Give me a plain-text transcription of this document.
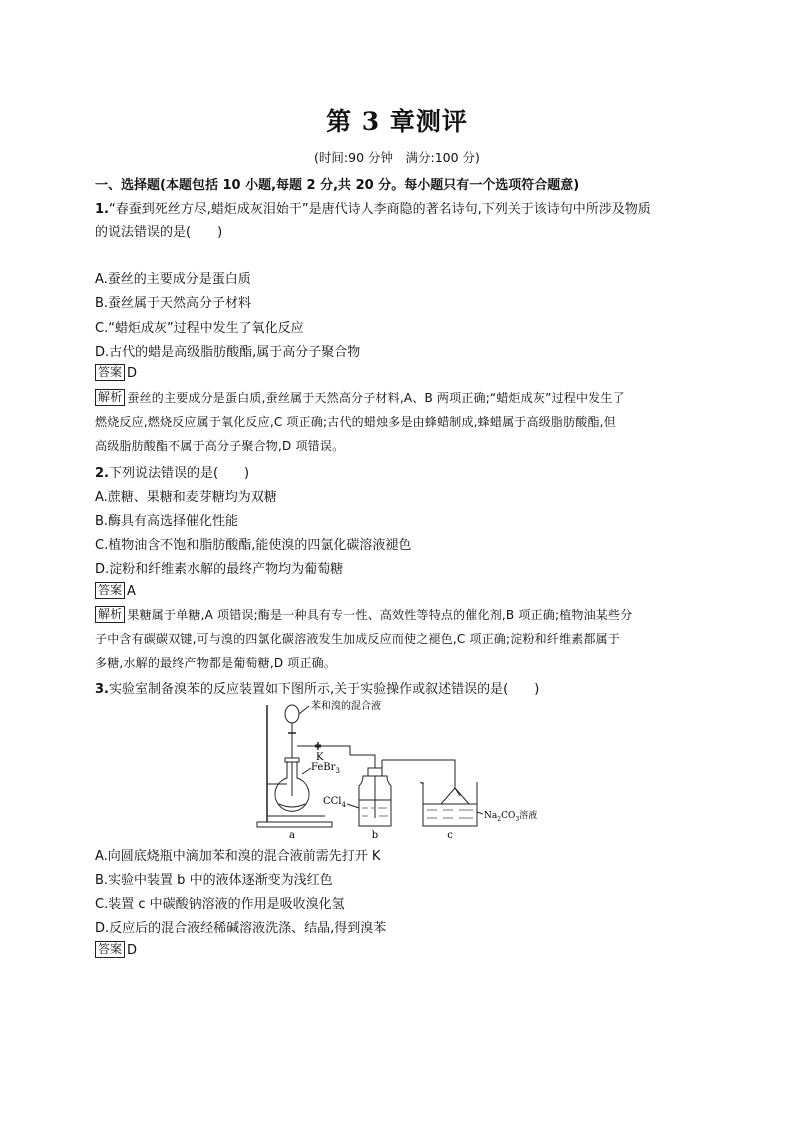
第 3 章测评
(时间:90 分钟　满分:100 分)
一、选择题(本题包括 10 小题,每题 2 分,共 20 分。每小题只有一个选项符合题意)
1.“春蚕到死丝方尽,蜡炬成灰泪始干”是唐代诗人李商隐的著名诗句,下列关于该诗句中所涉及物质
的说法错误的是(　　)
A.蚕丝的主要成分是蛋白质
B.蚕丝属于天然高分子材料
C.“蜡炬成灰”过程中发生了氧化反应
D.古代的蜡是高级脂肪酸酯,属于高分子聚合物
答案 D
解析 蚕丝的主要成分是蛋白质,蚕丝属于天然高分子材料,A、B 两项正确;“蜡炬成灰”过程中发生了
燃烧反应,燃烧反应属于氧化反应,C 项正确;古代的蜡烛多是由蜂蜡制成,蜂蜡属于高级脂肪酸酯,但
高级脂肪酸酯不属于高分子聚合物,D 项错误。
2.下列说法错误的是(　　)
A.蔗糖、果糖和麦芽糖均为双糖
B.酶具有高选择催化性能
C.植物油含不饱和脂肪酸酯,能使溴的四氯化碳溶液褪色
D.淀粉和纤维素水解的最终产物均为葡萄糖
答案 A
解析 果糖属于单糖,A 项错误;酶是一种具有专一性、高效性等特点的催化剂,B 项正确;植物油某些分
子中含有碳碳双键,可与溴的四氯化碳溶液发生加成反应而使之褪色,C 项正确;淀粉和纤维素都属于
多糖,水解的最终产物都是葡萄糖,D 项正确。
3.实验室制备溴苯的反应装置如下图所示,关于实验操作或叙述错误的是(　　)
苯和溴的混合液
K
FeBr$_3$
CCl$_4$
$Na_2CO_3$溶液
a	b	c
A.向圆底烧瓶中滴加苯和溴的混合液前需先打开 K
B.实验中装置 b 中的液体逐渐变为浅红色
C.装置 c 中碳酸钠溶液的作用是吸收溴化氢
D.反应后的混合液经稀碱溶液洗涤、结晶,得到溴苯
答案 D
